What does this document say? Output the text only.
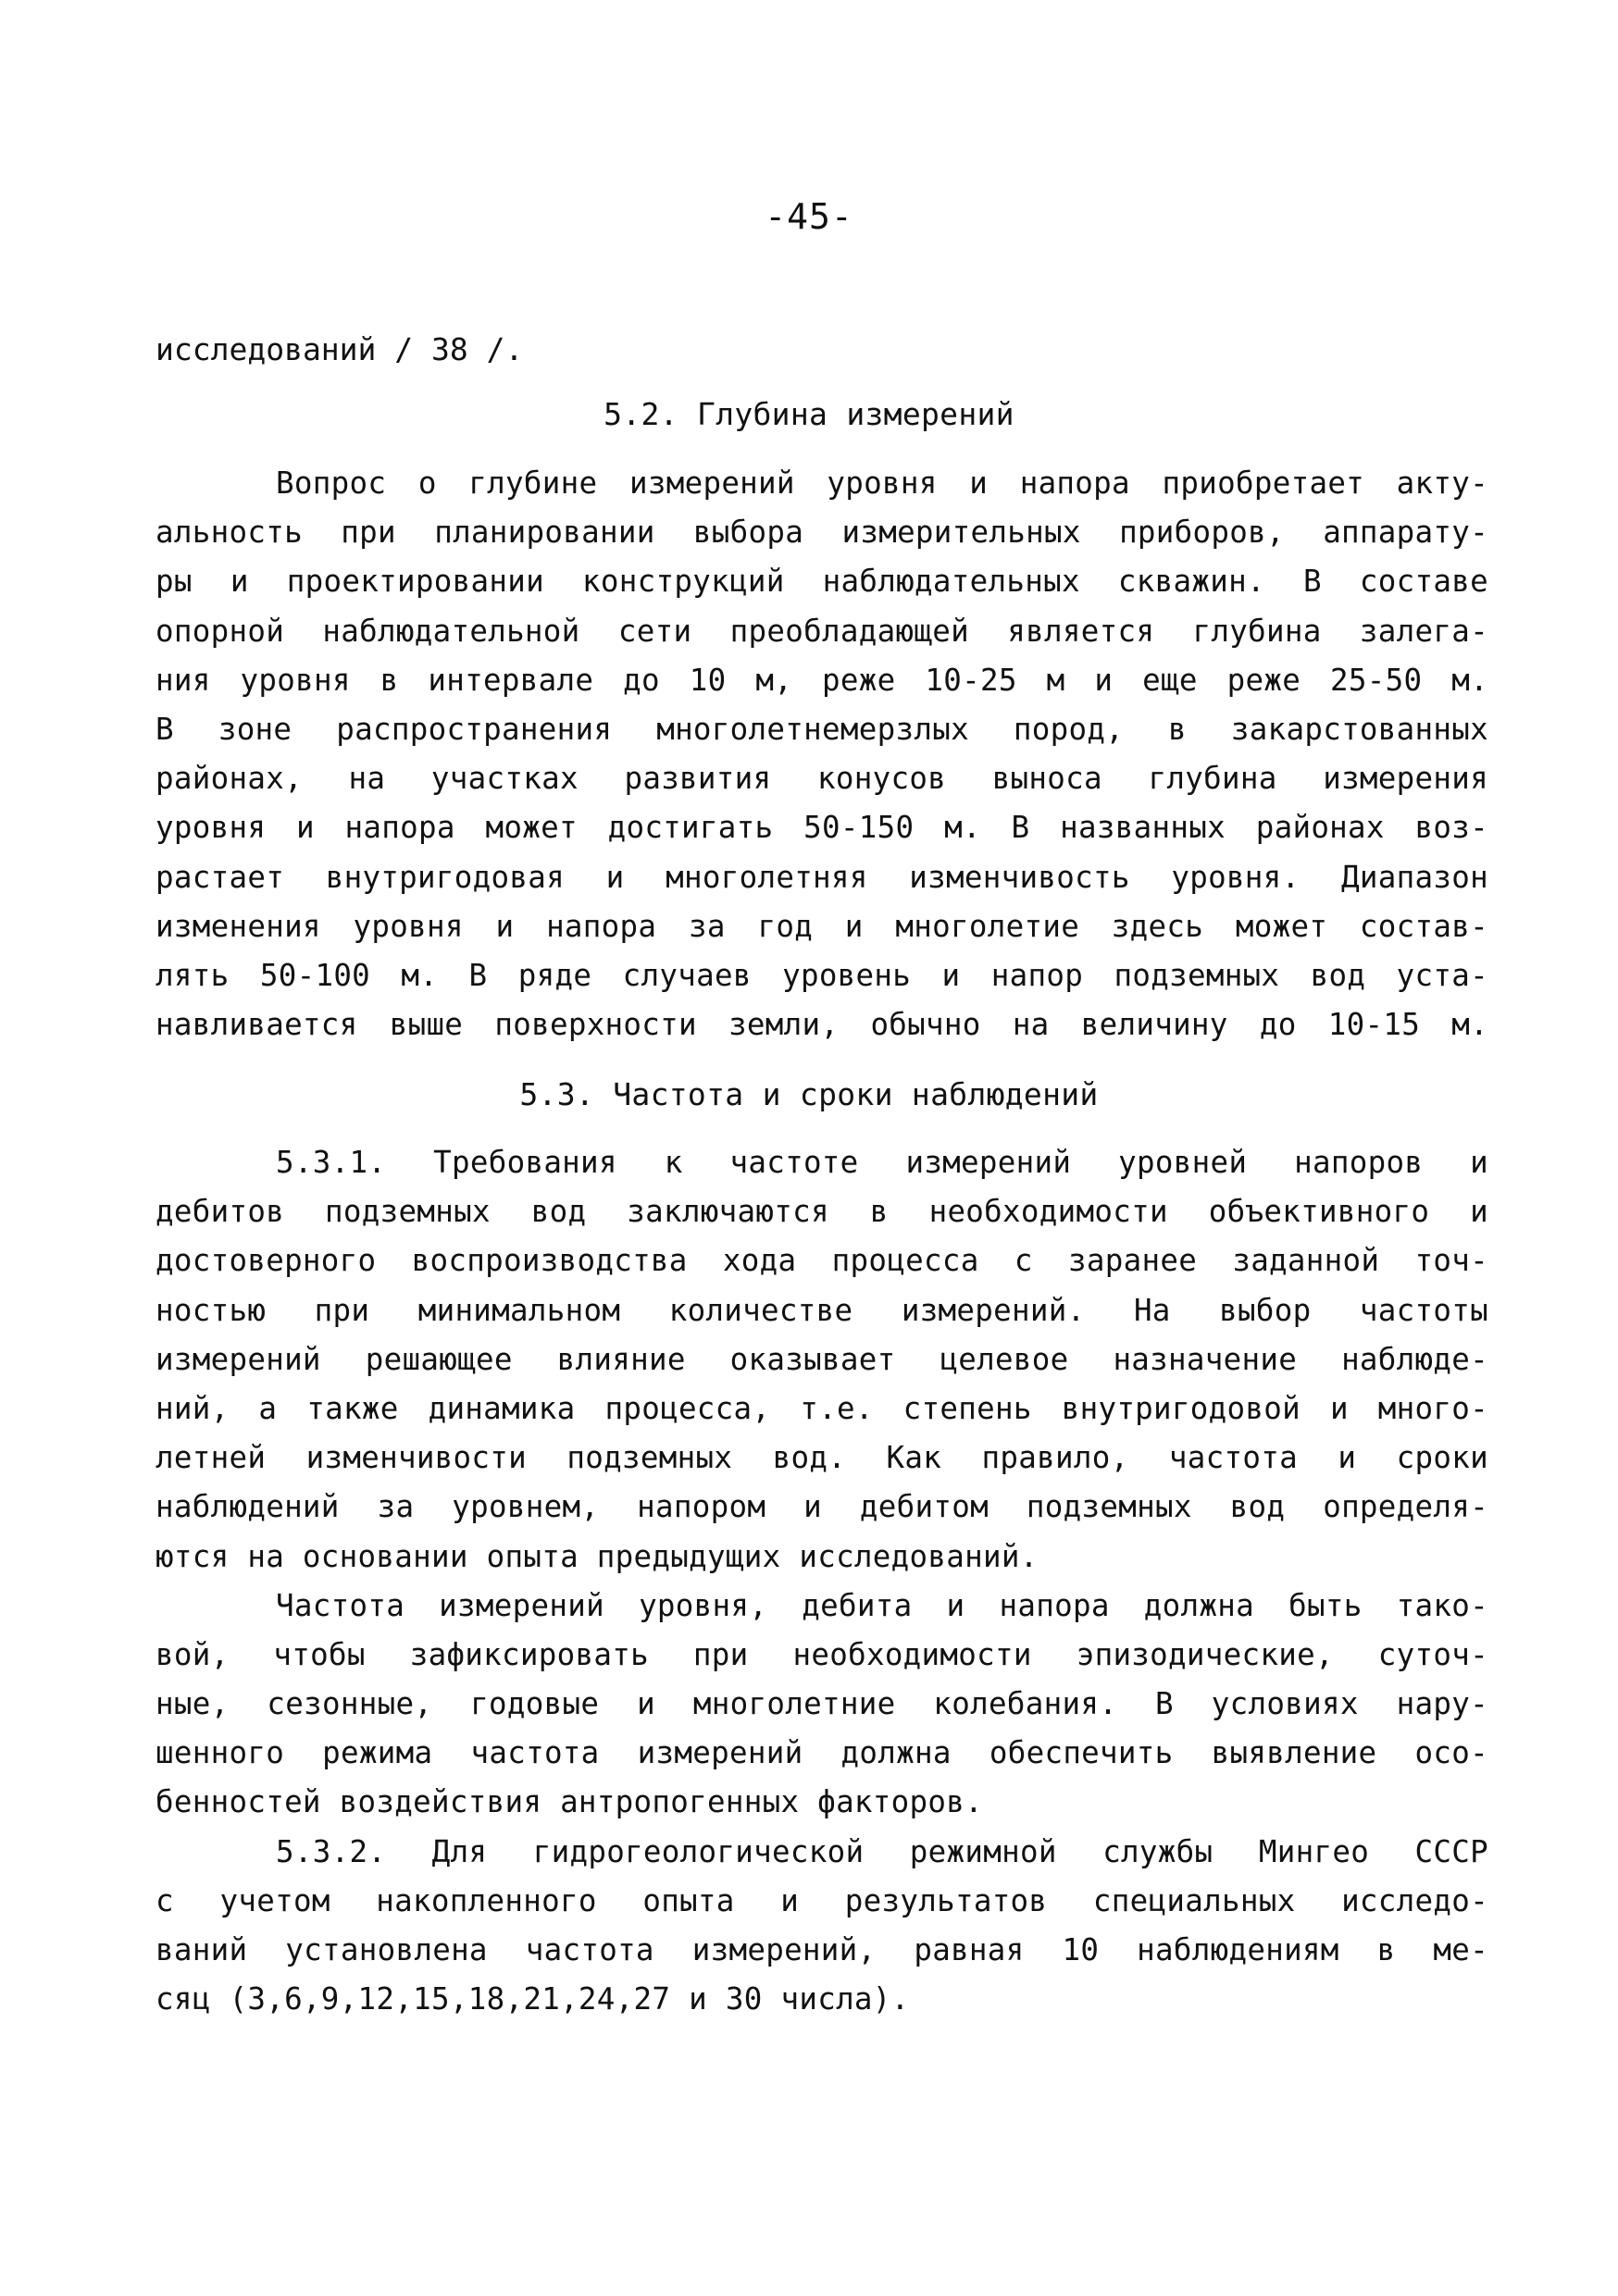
-45-
исследований / 38 /.
5.2. Глубина измерений
Вопрос о глубине измерений уровня и напора приобретает акту-
альность при планировании выбора измерительных приборов, аппарату-
ры и проектировании конструкций наблюдательных скважин. В составе
опорной наблюдательной сети преобладающей является глубина залега-
ния уровня в интервале до 10 м, реже 10-25 м и еще реже 25-50 м.
В зоне распространения многолетнемерзлых пород, в закарстованных
районах, на участках развития конусов выноса глубина измерения
уровня и напора может достигать 50-150 м. В названных районах воз-
растает внутригодовая и многолетняя изменчивость уровня. Диапазон
изменения уровня и напора за год и многолетие здесь может состав-
лять 50-100 м. В ряде случаев уровень и напор подземных вод уста-
навливается выше поверхности земли, обычно на величину до 10-15 м.
5.3. Частота и сроки наблюдений
5.3.1. Требования к частоте измерений уровней напоров и
дебитов подземных вод заключаются в необходимости объективного и
достоверного воспроизводства хода процесса с заранее заданной точ-
ностью при минимальном количестве измерений. На выбор частоты
измерений решающее влияние оказывает целевое назначение наблюде-
ний, а также динамика процесса, т.е. степень внутригодовой и много-
летней изменчивости подземных вод. Как правило, частота и сроки
наблюдений за уровнем, напором и дебитом подземных вод определя-
ются на основании опыта предыдущих исследований.
Частота измерений уровня, дебита и напора должна быть тако-
вой, чтобы зафиксировать при необходимости эпизодические, суточ-
ные, сезонные, годовые и многолетние колебания. В условиях нару-
шенного режима частота измерений должна обеспечить выявление осо-
бенностей воздействия антропогенных факторов.
5.3.2. Для гидрогеологической режимной службы Мингео СССР
с учетом накопленного опыта и результатов специальных исследо-
ваний установлена частота измерений, равная 10 наблюдениям в ме-
сяц (3,6,9,12,15,18,21,24,27 и 30 числа).
